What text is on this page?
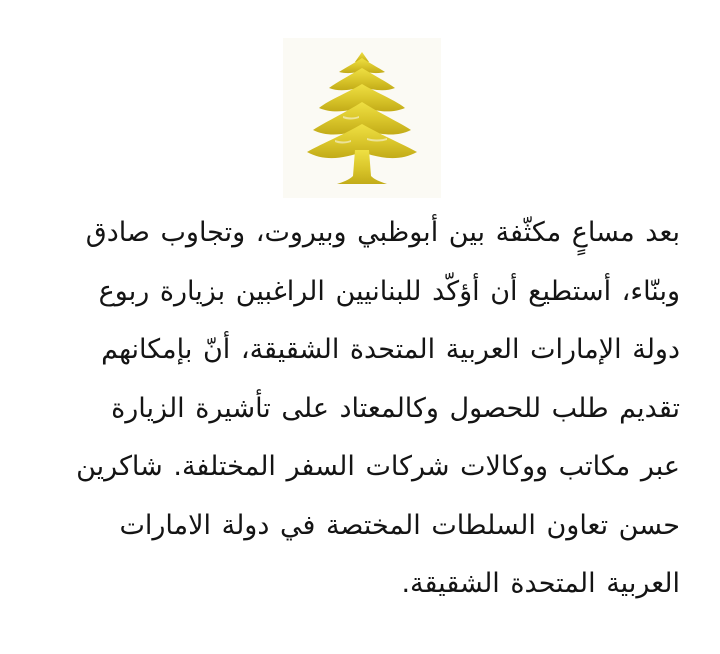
بعد مساعٍ مكثّفة بين أبوظبي وبيروت، وتجاوب صادق
وبنّاء، أستطيع أن أؤكّد للبنانيين الراغبين بزيارة ربوع
دولة الإمارات العربية المتحدة الشقيقة، أنّ بإمكانهم
تقديم طلب للحصول وكالمعتاد على تأشيرة الزيارة
عبر مكاتب ووكالات شركات السفر المختلفة. شاكرين
حسن تعاون السلطات المختصة في دولة الامارات
العربية المتحدة الشقيقة.
